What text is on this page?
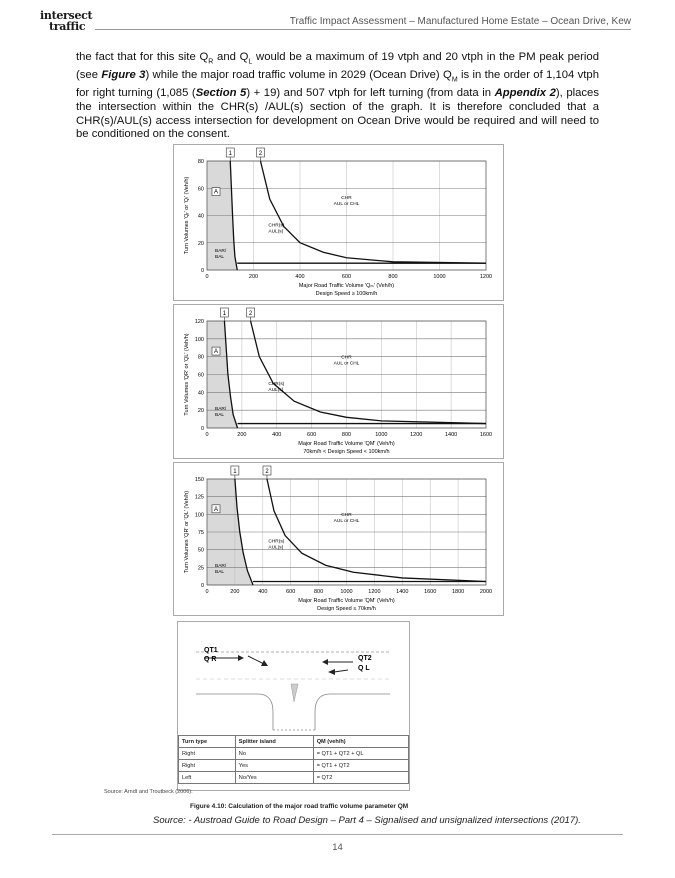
intersect
traffic	Traffic Impact Assessment – Manufactured Home Estate – Ocean Drive, Kew
the fact that for this site $Q_R$ and $Q_L$ would be a maximum of 19 vtph and 20 vtph in the PM peak period (see Figure 3) while the major road traffic volume in 2029 (Ocean Drive) $Q_M$ is in the order of 1,104 vtph for right turning (1,085 (Section 5) + 19) and 507 vtph for left turning (from data in Appendix 2), places the intersection within the CHR(s) /AUL(s) section of the graph. It is therefore concluded that a CHR(s)/AUL(s) access intersection for development on Ocean Drive would be required and will need to be conditioned on the consent.
0	200	400	600	800	1000	1200
0
20
40
60
80
1	2
A
BAR/
BAL
CHR(s)
AUL(s)
CHR
AUL or CHL
Major Road Traffic Volume 'Qₘ' (Veh/h)
Design Speed ≥ 100km/h
Turn Volumes 'Qᵣ' or 'Qₗ' (Veh/h)
0	200	400	600	800	1000	1200	1400	1600
0
20
40
60
80
100
120
1	2
A
BAR/
BAL
CHR(s)
AUL(s)
CHR
AUL or CHL
Major Road Traffic Volume 'QM' (Veh/h)
70km/h < Design Speed < 100km/h
Turn Volumes 'QR' or 'QL' (Veh/h)
0	200	400	600	800	1000	1200	1400	1600	1800	2000
0
25
50
75
100
125
150
1	2
A
BAR/
BAL
CHR(s)
AUL(s)
CHR
AUL or CHL
Major Road Traffic Volume 'QM' (Veh/h)
Design Speed ≤ 70km/h
Turn Volumes 'QR' or 'QL' (Veh/h)
QT1
Q R	QT2
Q L
Turn type	Splitter island	QM (veh/h)
Right	No	= QT1 + QT2 + QL
Right	Yes	= QT1 + QT2
Left	No/Yes	= QT2
Source: Arndt and Troutbeck (2006).
Figure 4.10: Calculation of the major road traffic volume parameter QM
Source: - Austroad Guide to Road Design – Part 4 – Signalised and unsignalized intersections (2017).
14
